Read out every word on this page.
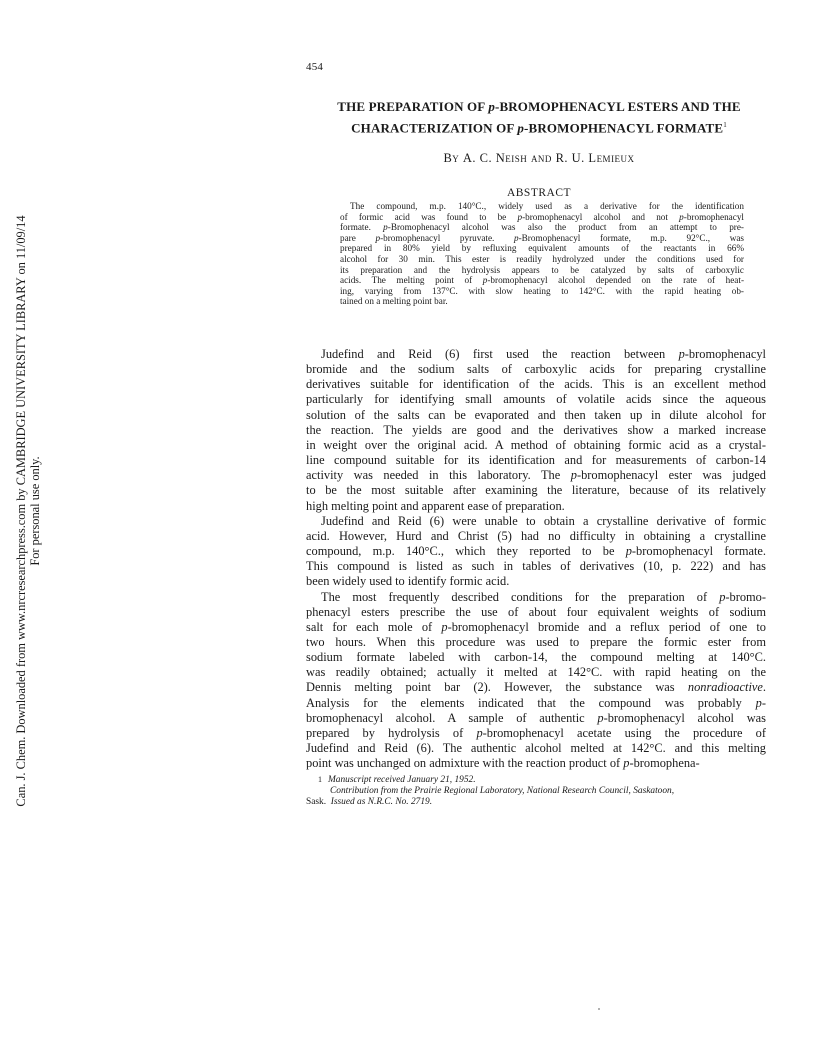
454
THE PREPARATION OF p-BROMOPHENACYL ESTERS AND THE
CHARACTERIZATION OF p-BROMOPHENACYL FORMATE$^1$
By A. C. Neish and R. U. Lemieux
ABSTRACT
The compound, m.p. 140°C., widely used as a derivative for the identification
of formic acid was found to be p-bromophenacyl alcohol and not p-bromophenacyl
formate. p-Bromophenacyl alcohol was also the product from an attempt to pre-
pare p-bromophenacyl pyruvate. p-Bromophenacyl formate, m.p. 92°C., was
prepared in 80% yield by refluxing equivalent amounts of the reactants in 66%
alcohol for 30 min. This ester is readily hydrolyzed under the conditions used for
its preparation and the hydrolysis appears to be catalyzed by salts of carboxylic
acids. The melting point of p-bromophenacyl alcohol depended on the rate of heat-
ing, varying from 137°C. with slow heating to 142°C. with the rapid heating ob-
tained on a melting point bar.
Judefind and Reid (6) first used the reaction between p-bromophenacyl
bromide and the sodium salts of carboxylic acids for preparing crystalline
derivatives suitable for identification of the acids. This is an excellent method
particularly for identifying small amounts of volatile acids since the aqueous
solution of the salts can be evaporated and then taken up in dilute alcohol for
the reaction. The yields are good and the derivatives show a marked increase
in weight over the original acid. A method of obtaining formic acid as a crystal-
line compound suitable for its identification and for measurements of carbon-14
activity was needed in this laboratory. The p-bromophenacyl ester was judged
to be the most suitable after examining the literature, because of its relatively
high melting point and apparent ease of preparation.
Judefind and Reid (6) were unable to obtain a crystalline derivative of formic
acid. However, Hurd and Christ (5) had no difficulty in obtaining a crystalline
compound, m.p. 140°C., which they reported to be p-bromophenacyl formate.
This compound is listed as such in tables of derivatives (10, p. 222) and has
been widely used to identify formic acid.
The most frequently described conditions for the preparation of p-bromo-
phenacyl esters prescribe the use of about four equivalent weights of sodium
salt for each mole of p-bromophenacyl bromide and a reflux period of one to
two hours. When this procedure was used to prepare the formic ester from
sodium formate labeled with carbon-14, the compound melting at 140°C.
was readily obtained; actually it melted at 142°C. with rapid heating on the
Dennis melting point bar (2). However, the substance was nonradioactive.
Analysis for the elements indicated that the compound was probably p-
bromophenacyl alcohol. A sample of authentic p-bromophenacyl alcohol was
prepared by hydrolysis of p-bromophenacyl acetate using the procedure of
Judefind and Reid (6). The authentic alcohol melted at 142°C. and this melting
point was unchanged on admixture with the reaction product of p-bromophena-
1 Manuscript received January 21, 1952.
Contribution from the Prairie Regional Laboratory, National Research Council, Saskatoon,
Sask. Issued as N.R.C. No. 2719.
Can. J. Chem. Downloaded from www.nrcresearchpress.com by CAMBRIDGE UNIVERSITY LIBRARY on 11/09/14 For personal use only.
